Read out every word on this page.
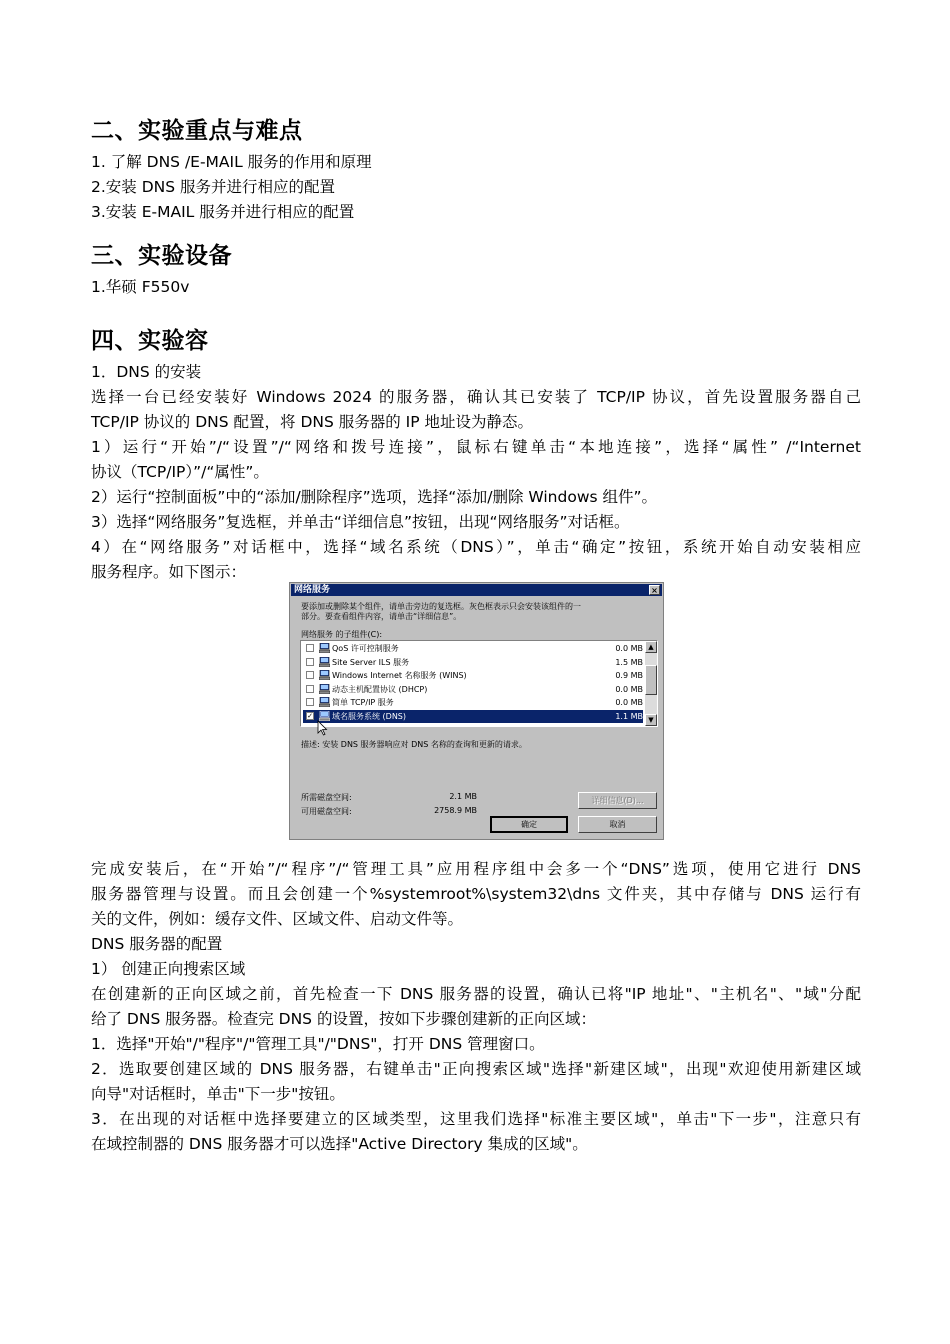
二、实验重点与难点
1. 了解 DNS /E-MAIL 服务的作用和原理
2.安装 DNS 服务并进行相应的配置
3.安装 E-MAIL 服务并进行相应的配置
三、实验设备
1.华硕 F550v
四、实验容
1．DNS 的安装
选择一台已经安装好 Windows 2024 的服务器，确认其已安装了 TCP/IP 协议，首先设置服务器自己
TCP/IP 协议的 DNS 配置，将 DNS 服务器的 IP 地址设为静态。
1）运行“开始”/“设置”/“网络和拨号连接”，鼠标右键单击“本地连接”，选择“属性” /“Internet
协议（TCP/IP）”/“属性”。
2）运行“控制面板”中的“添加/删除程序”选项，选择“添加/删除 Windows 组件”。
3）选择“网络服务”复选框，并单击“详细信息”按钮，出现“网络服务”对话框。
4）在“网络服务”对话框中，选择“域名系统（DNS）”，单击“确定”按钮，系统开始自动安装相应
服务程序。如下图示：
完成安装后，在“开始”/“程序”/“管理工具”应用程序组中会多一个“DNS”选项，使用它进行 DNS
服务器管理与设置。而且会创建一个%systemroot%\system32\dns 文件夹，其中存储与 DNS 运行有
关的文件，例如：缓存文件、区域文件、启动文件等。
DNS 服务器的配置
1） 创建正向搜索区域
在创建新的正向区域之前，首先检查一下 DNS 服务器的设置，确认已将"IP 地址"、"主机名"、"域"分配
给了 DNS 服务器。检查完 DNS 的设置，按如下步骤创建新的正向区域：
1．选择"开始"/"程序"/"管理工具"/"DNS"，打开 DNS 管理窗口。
2．选取要创建区域的 DNS 服务器，右键单击"正向搜索区域"选择"新建区域"，出现"欢迎使用新建区域
向导"对话框时，单击"下一步"按钮。
3．在出现的对话框中选择要建立的区域类型，这里我们选择"标准主要区域"，单击"下一步"，注意只有
在域控制器的 DNS 服务器才可以选择"Active Directory 集成的区域"。
网络服务	×
要添加或删除某个组件，请单击旁边的复选框。灰色框表示只会安装该组件的一
部分。要查看组件内容，请单击“详细信息”。
网络服务 的子组件(C):
QoS 许可控制服务	0.0 MB
Site Server ILS 服务	1.5 MB
Windows Internet 名称服务 (WINS)	0.9 MB
动态主机配置协议 (DHCP)	0.0 MB
简单 TCP/IP 服务	0.0 MB
✓ 域名服务系统 (DNS)	1.1 MB
▲
▼
描述: 安装 DNS 服务器响应对 DNS 名称的查询和更新的请求。
所需磁盘空间:	2.1 MB
可用磁盘空间:	2758.9 MB
详细信息(D)...
确定	取消
